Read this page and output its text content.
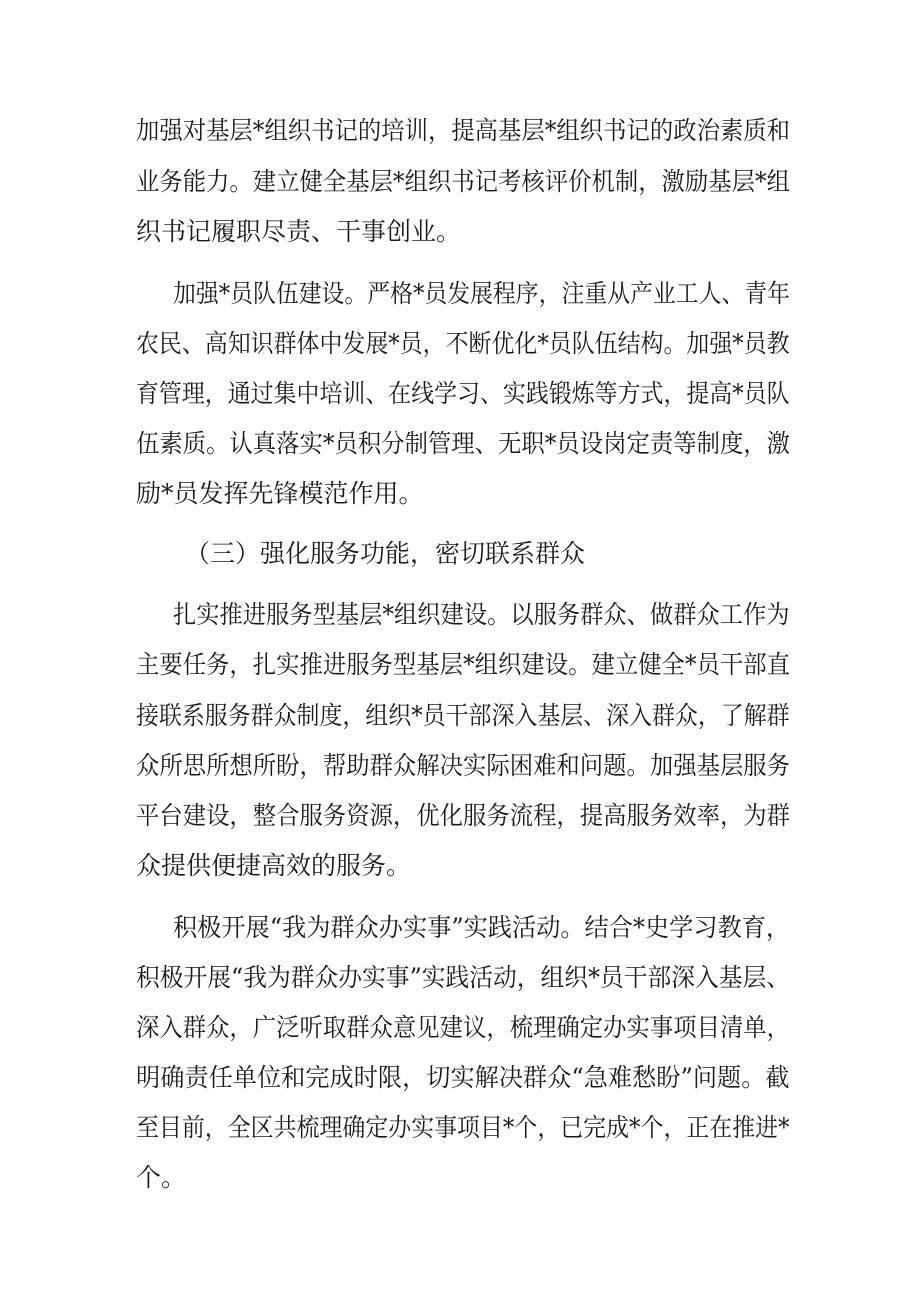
加强对基层*组织书记的培训，提高基层*组织书记的政治素质和
业务能力。建立健全基层*组织书记考核评价机制，激励基层*组
织书记履职尽责、干事创业。
加强*员队伍建设。严格*员发展程序，注重从产业工人、青年
农民、高知识群体中发展*员，不断优化*员队伍结构。加强*员教
育管理，通过集中培训、在线学习、实践锻炼等方式，提高*员队
伍素质。认真落实*员积分制管理、无职*员设岗定责等制度，激
励*员发挥先锋模范作用。
（三）强化服务功能，密切联系群众
扎实推进服务型基层*组织建设。以服务群众、做群众工作为
主要任务，扎实推进服务型基层*组织建设。建立健全*员干部直
接联系服务群众制度，组织*员干部深入基层、深入群众，了解群
众所思所想所盼，帮助群众解决实际困难和问题。加强基层服务
平台建设，整合服务资源，优化服务流程，提高服务效率，为群
众提供便捷高效的服务。
积极开展“我为群众办实事”实践活动。结合*史学习教育，
积极开展“我为群众办实事”实践活动，组织*员干部深入基层、
深入群众，广泛听取群众意见建议，梳理确定办实事项目清单，
明确责任单位和完成时限，切实解决群众“急难愁盼”问题。截
至目前，全区共梳理确定办实事项目*个，已完成*个，正在推进*
个。
